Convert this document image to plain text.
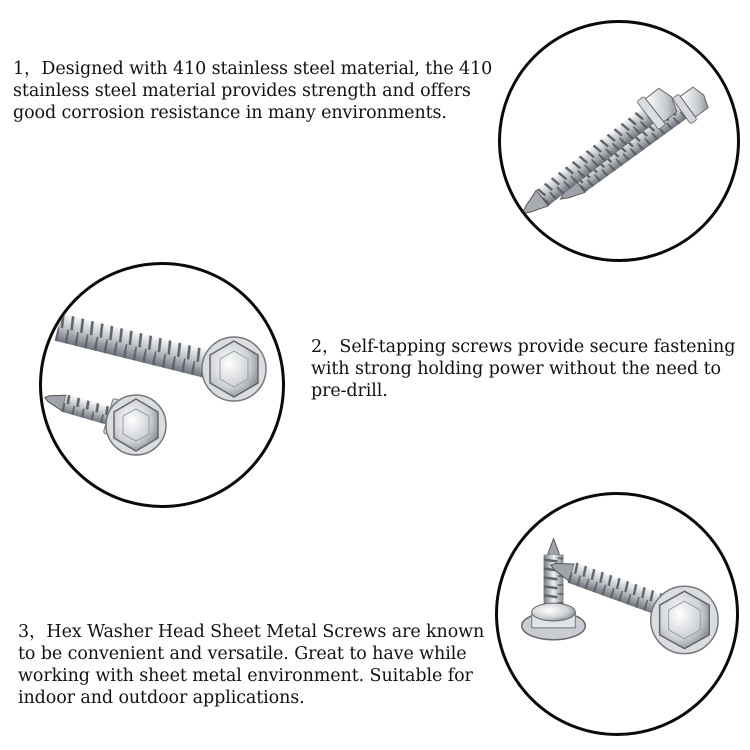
1，Designed with 410 stainless steel material, the 410 stainless steel material provides strength and offers good corrosion resistance in many environments.
2，Self-tapping screws provide secure fastening with strong holding power without the need to pre-drill.
3，Hex Washer Head Sheet Metal Screws are known to be convenient and versatile. Great to have while working with sheet metal environment. Suitable for indoor and outdoor applications.
